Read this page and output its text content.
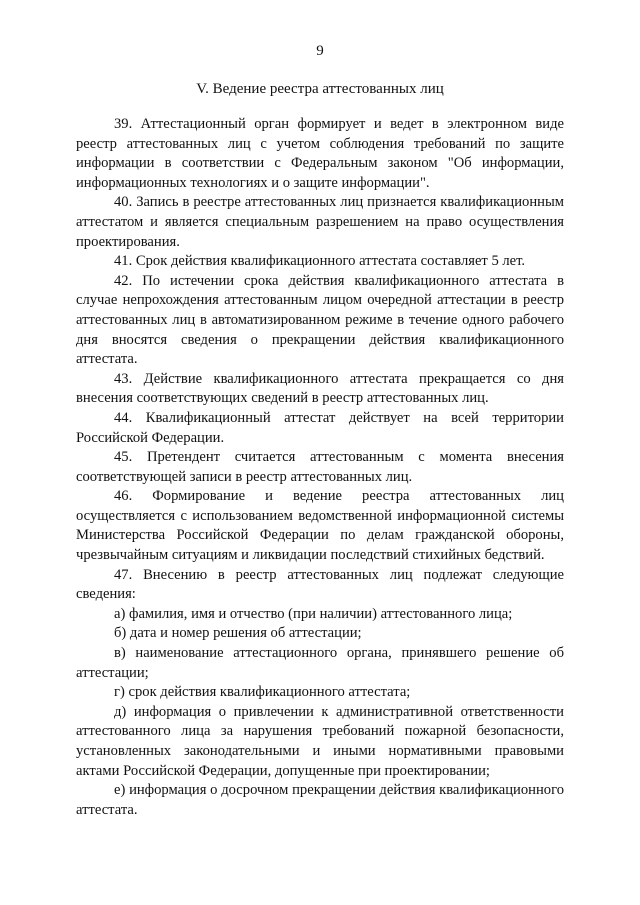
9
V. Ведение реестра аттестованных лиц

39. Аттестационный орган формирует и ведет в электронном виде реестр аттестованных лиц с учетом соблюдения требований по защите информации в соответствии с Федеральным законом "Об информации, информационных технологиях и о защите информации".

40. Запись в реестре аттестованных лиц признается квалификационным аттестатом и является специальным разрешением на право осуществления проектирования.

41. Срок действия квалификационного аттестата составляет 5 лет.

42. По истечении срока действия квалификационного аттестата в случае непрохождения аттестованным лицом очередной аттестации в реестр аттестованных лиц в автоматизированном режиме в течение одного рабочего дня вносятся сведения о прекращении действия квалификационного аттестата.

43. Действие квалификационного аттестата прекращается со дня внесения соответствующих сведений в реестр аттестованных лиц.

44. Квалификационный аттестат действует на всей территории Российской Федерации.

45. Претендент считается аттестованным с момента внесения соответствующей записи в реестр аттестованных лиц.

46. Формирование и ведение реестра аттестованных лиц осуществляется с использованием ведомственной информационной системы Министерства Российской Федерации по делам гражданской обороны, чрезвычайным ситуациям и ликвидации последствий стихийных бедствий.

47. Внесению в реестр аттестованных лиц подлежат следующие сведения:

а) фамилия, имя и отчество (при наличии) аттестованного лица;

б) дата и номер решения об аттестации;

в) наименование аттестационного органа, принявшего решение об аттестации;

г) срок действия квалификационного аттестата;

д) информация о привлечении к административной ответственности аттестованного лица за нарушения требований пожарной безопасности, установленных законодательными и иными нормативными правовыми актами Российской Федерации, допущенные при проектировании;

е) информация о досрочном прекращении действия квалификационного аттестата.
